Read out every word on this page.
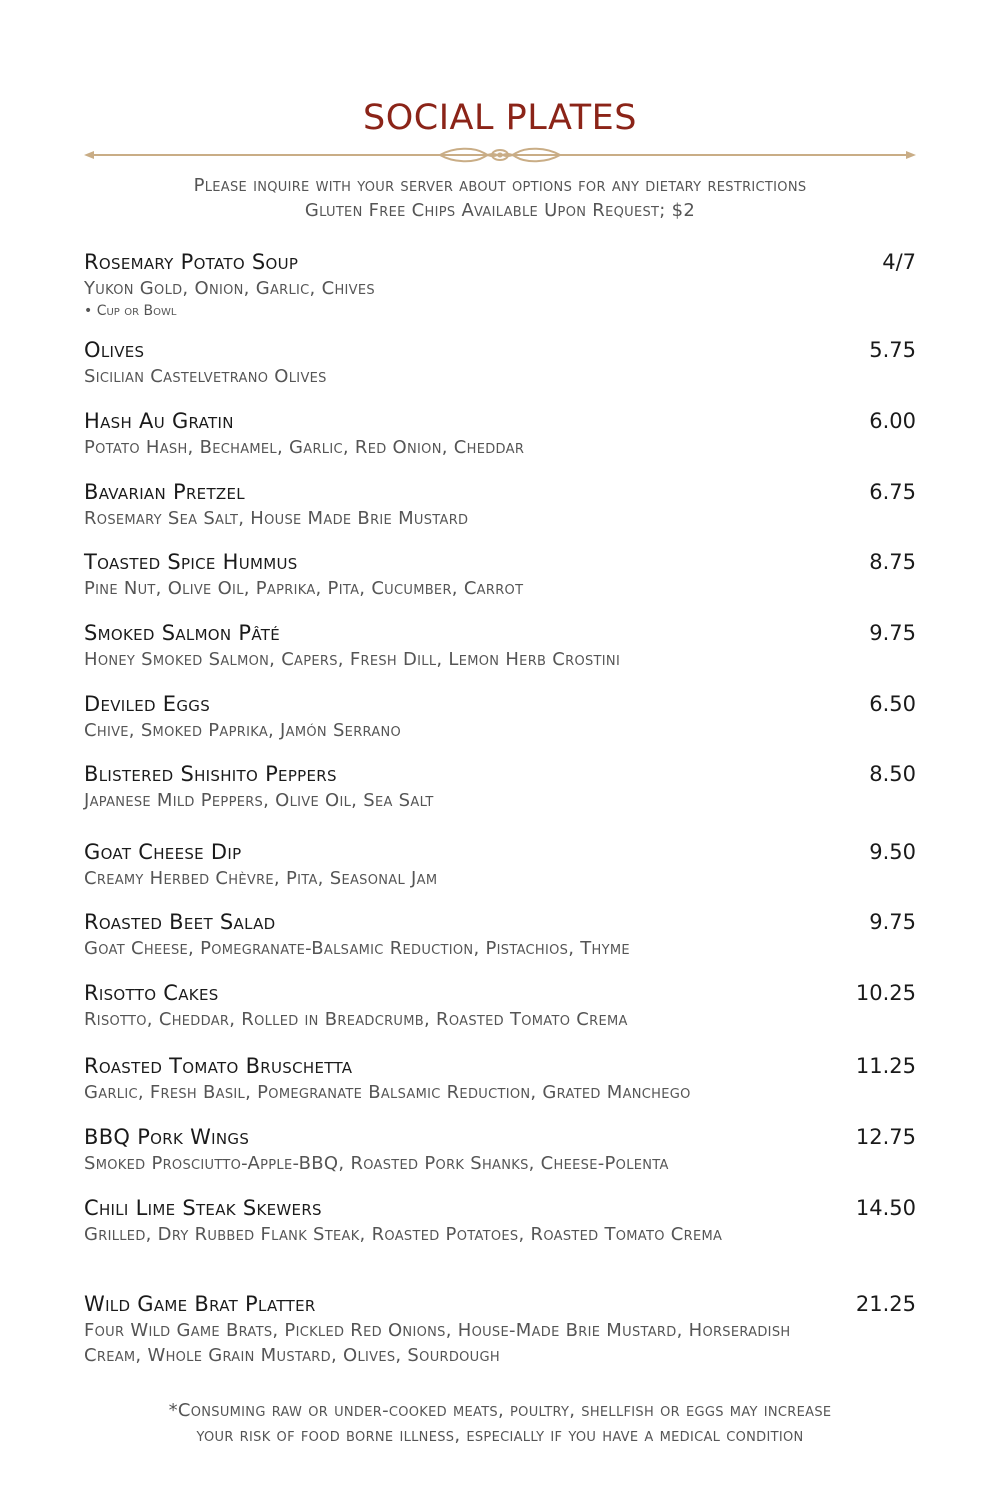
SOCIAL PLATES
Please inquire with your server about options for any dietary restrictions
Gluten Free Chips Available Upon Request; $2
Rosemary Potato Soup	4/7
Yukon Gold, Onion, Garlic, Chives
• Cup or Bowl
Olives	5.75
Sicilian Castelvetrano Olives
Hash Au Gratin	6.00
Potato Hash, Bechamel, Garlic, Red Onion, Cheddar
Bavarian Pretzel	6.75
Rosemary Sea Salt, House Made Brie Mustard
Toasted Spice Hummus	8.75
Pine Nut, Olive Oil, Paprika, Pita, Cucumber, Carrot
Smoked Salmon Pâté	9.75
Honey Smoked Salmon, Capers, Fresh Dill, Lemon Herb Crostini
Deviled Eggs	6.50
Chive, Smoked Paprika, Jamón Serrano
Blistered Shishito Peppers	8.50
Japanese Mild Peppers, Olive Oil, Sea Salt
Goat Cheese Dip	9.50
Creamy Herbed Chèvre, Pita, Seasonal Jam
Roasted Beet Salad	9.75
Goat Cheese, Pomegranate-Balsamic Reduction, Pistachios, Thyme
Risotto Cakes	10.25
Risotto, Cheddar, Rolled in Breadcrumb, Roasted Tomato Crema
Roasted Tomato Bruschetta	11.25
Garlic, Fresh Basil, Pomegranate Balsamic Reduction, Grated Manchego
BBQ Pork Wings	12.75
Smoked Prosciutto-Apple-BBQ, Roasted Pork Shanks, Cheese-Polenta
Chili Lime Steak Skewers	14.50
Grilled, Dry Rubbed Flank Steak, Roasted Potatoes, Roasted Tomato Crema
Wild Game Brat Platter	21.25
Four Wild Game Brats, Pickled Red Onions, House-Made Brie Mustard, Horseradish Cream, Whole Grain Mustard, Olives, Sourdough
*Consuming raw or under-cooked meats, poultry, shellfish or eggs may increase
your risk of food borne illness, especially if you have a medical condition
